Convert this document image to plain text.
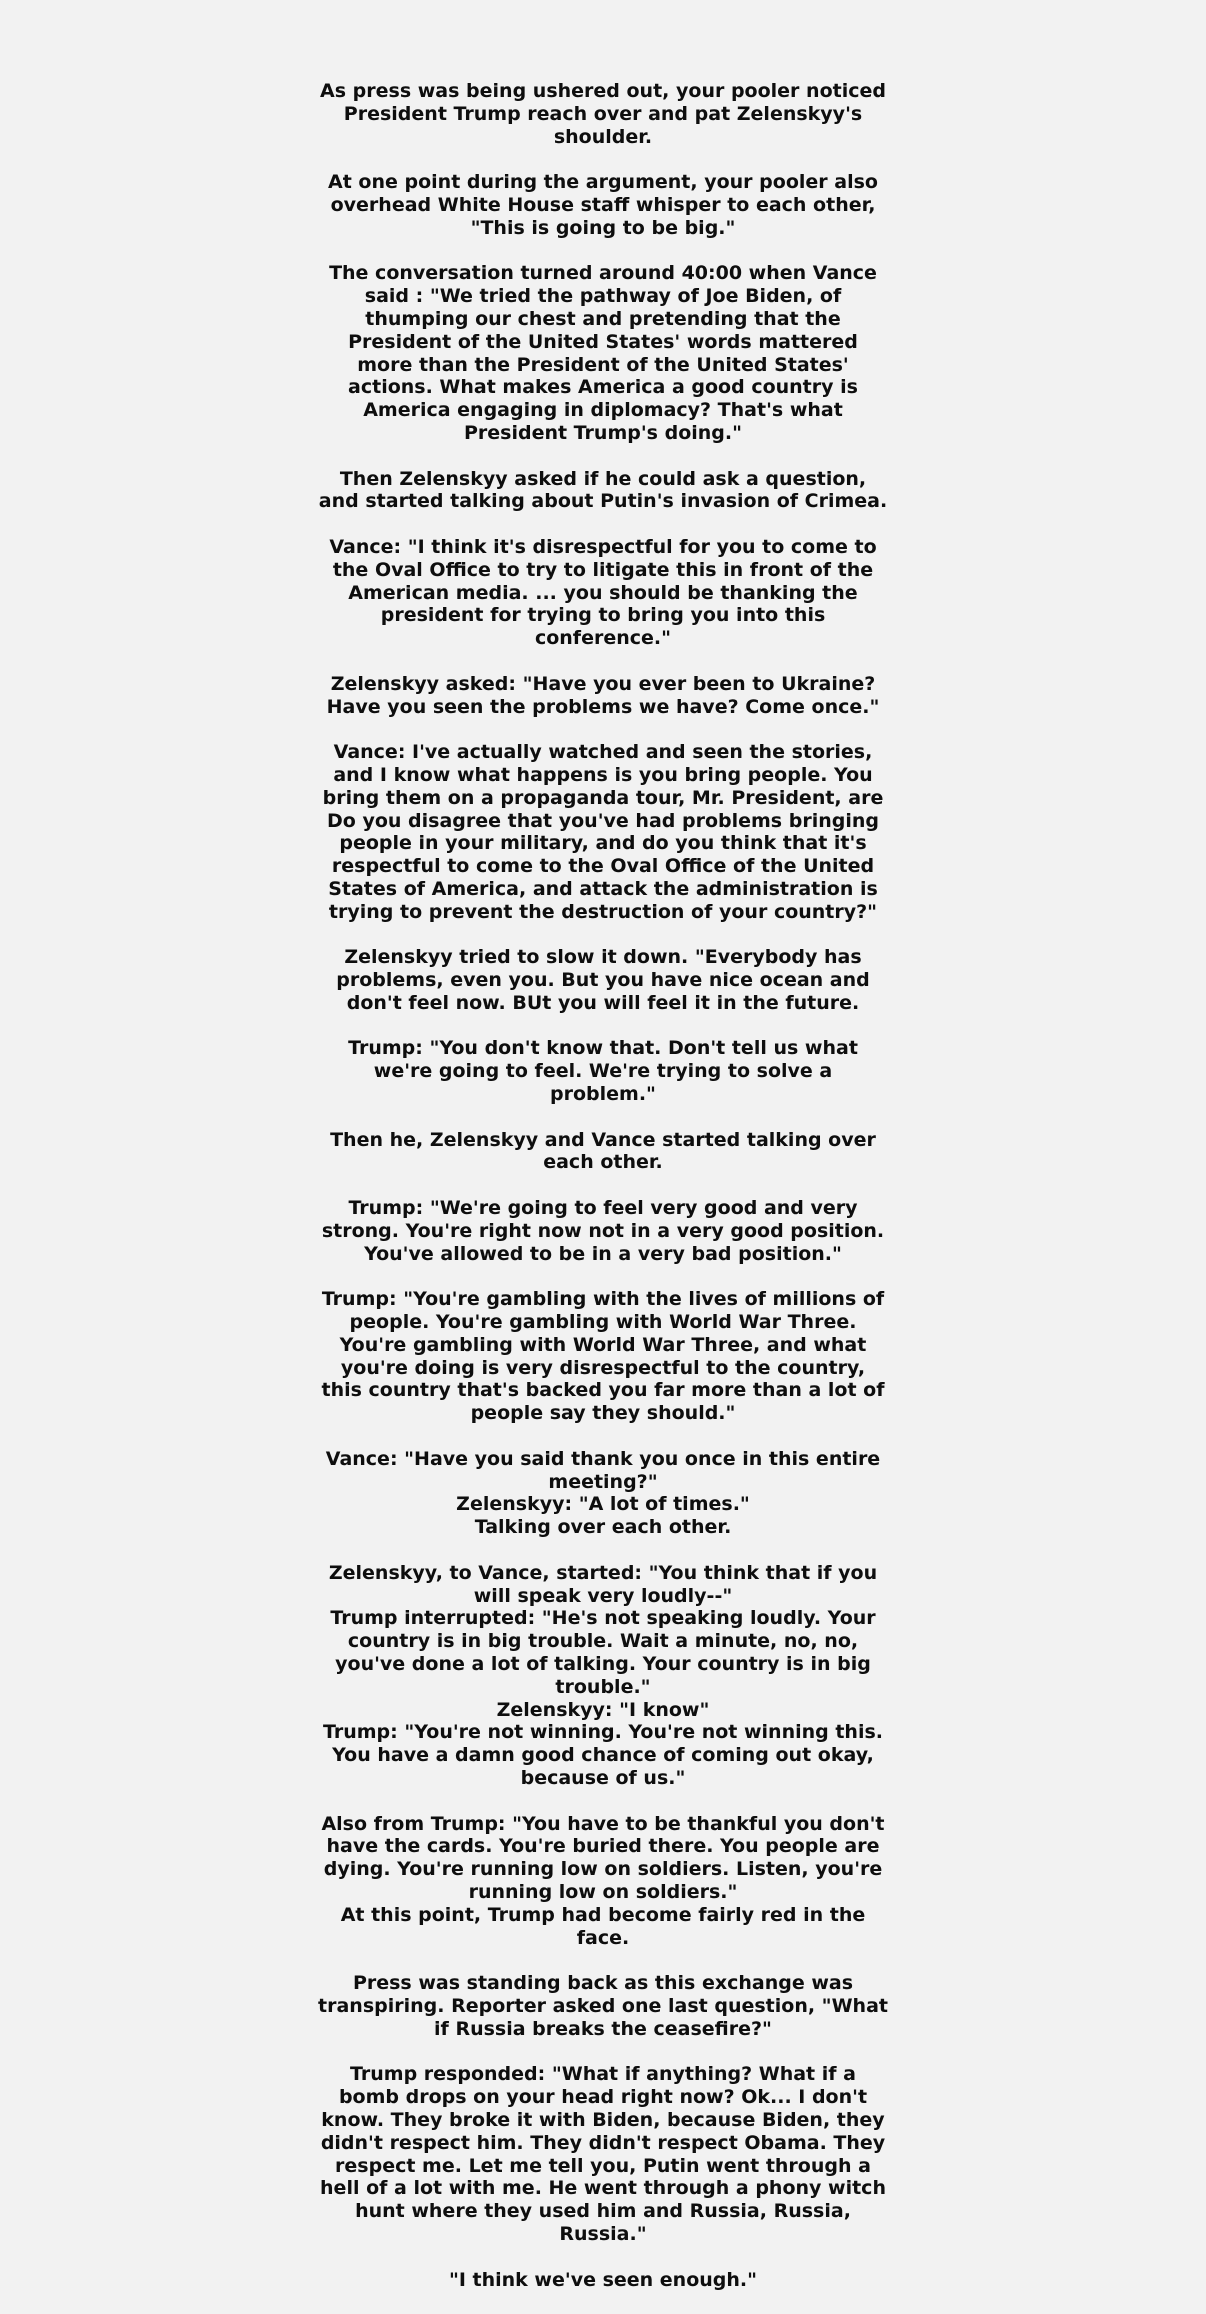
As press was being ushered out, your pooler noticed President Trump reach over and pat Zelenskyy's shoulder.

At one point during the argument, your pooler also overhead White House staff whisper to each other, "This is going to be big."

The conversation turned around 40:00 when Vance said : "We tried the pathway of Joe Biden, of thumping our chest and pretending that the President of the United States' words mattered more than the President of the United States' actions. What makes America a good country is America engaging in diplomacy? That's what President Trump's doing."

Then Zelenskyy asked if he could ask a question, and started talking about Putin's invasion of Crimea.

Vance: "I think it's disrespectful for you to come to the Oval Office to try to litigate this in front of the American media. ... you should be thanking the president for trying to bring you into this conference."

Zelenskyy asked: "Have you ever been to Ukraine? Have you seen the problems we have? Come once."

Vance: I've actually watched and seen the stories, and I know what happens is you bring people. You bring them on a propaganda tour, Mr. President, are Do you disagree that you've had problems bringing people in your military, and do you think that it's respectful to come to the Oval Office of the United States of America, and attack the administration is trying to prevent the destruction of your country?"

Zelenskyy tried to slow it down. "Everybody has problems, even you. But you have nice ocean and don't feel now. BUt you will feel it in the future.

Trump: "You don't know that. Don't tell us what we're going to feel. We're trying to solve a problem."

Then he, Zelenskyy and Vance started talking over each other.

Trump: "We're going to feel very good and very strong. You're right now not in a very good position. You've allowed to be in a very bad position."

Trump: "You're gambling with the lives of millions of people. You're gambling with World War Three. You're gambling with World War Three, and what you're doing is very disrespectful to the country, this country that's backed you far more than a lot of people say they should."

Vance: "Have you said thank you once in this entire meeting?"
Zelenskyy: "A lot of times."
Talking over each other.

Zelenskyy, to Vance, started: "You think that if you will speak very loudly--"
Trump interrupted: "He's not speaking loudly. Your country is in big trouble. Wait a minute, no, no, you've done a lot of talking. Your country is in big trouble."
Zelenskyy: "I know"
Trump: "You're not winning. You're not winning this. You have a damn good chance of coming out okay, because of us."

Also from Trump: "You have to be thankful you don't have the cards. You're buried there. You people are dying. You're running low on soldiers. Listen, you're running low on soldiers."
At this point, Trump had become fairly red in the face.

Press was standing back as this exchange was transpiring. Reporter asked one last question, "What if Russia breaks the ceasefire?"

Trump responded: "What if anything? What if a bomb drops on your head right now? Ok... I don't know. They broke it with Biden, because Biden, they didn't respect him. They didn't respect Obama. They respect me. Let me tell you, Putin went through a hell of a lot with me. He went through a phony witch hunt where they used him and Russia, Russia, Russia."

"I think we've seen enough."
